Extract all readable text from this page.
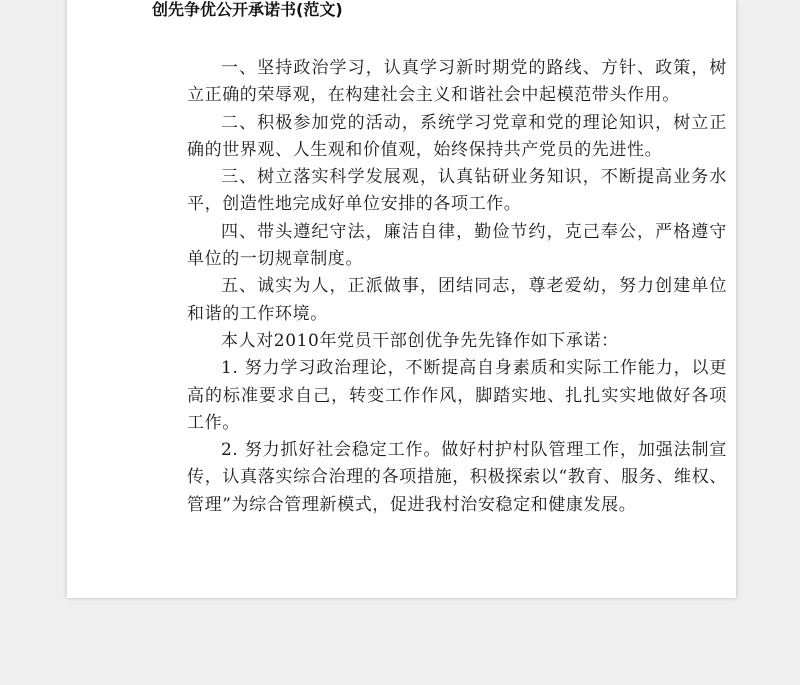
创先争优公开承诺书(范文)

一、坚持政治学习，认真学习新时期党的路线、方针、政策，树立正确的荣辱观，在构建社会主义和谐社会中起模范带头作用。

二、积极参加党的活动，系统学习党章和党的理论知识，树立正确的世界观、人生观和价值观，始终保持共产党员的先进性。

三、树立落实科学发展观，认真钻研业务知识，不断提高业务水平，创造性地完成好单位安排的各项工作。

四、带头遵纪守法，廉洁自律，勤俭节约，克己奉公，严格遵守单位的一切规章制度。

五、诚实为人，正派做事，团结同志，尊老爱幼，努力创建单位和谐的工作环境。

本人对2010年党员干部创优争先先锋作如下承诺：

1. 努力学习政治理论，不断提高自身素质和实际工作能力，以更高的标准要求自己，转变工作作风，脚踏实地、扎扎实实地做好各项工作。

2. 努力抓好社会稳定工作。做好村护村队管理工作，加强法制宣传，认真落实综合治理的各项措施，积极探索以“教育、服务、维权、管理”为综合管理新模式，促进我村治安稳定和健康发展。
